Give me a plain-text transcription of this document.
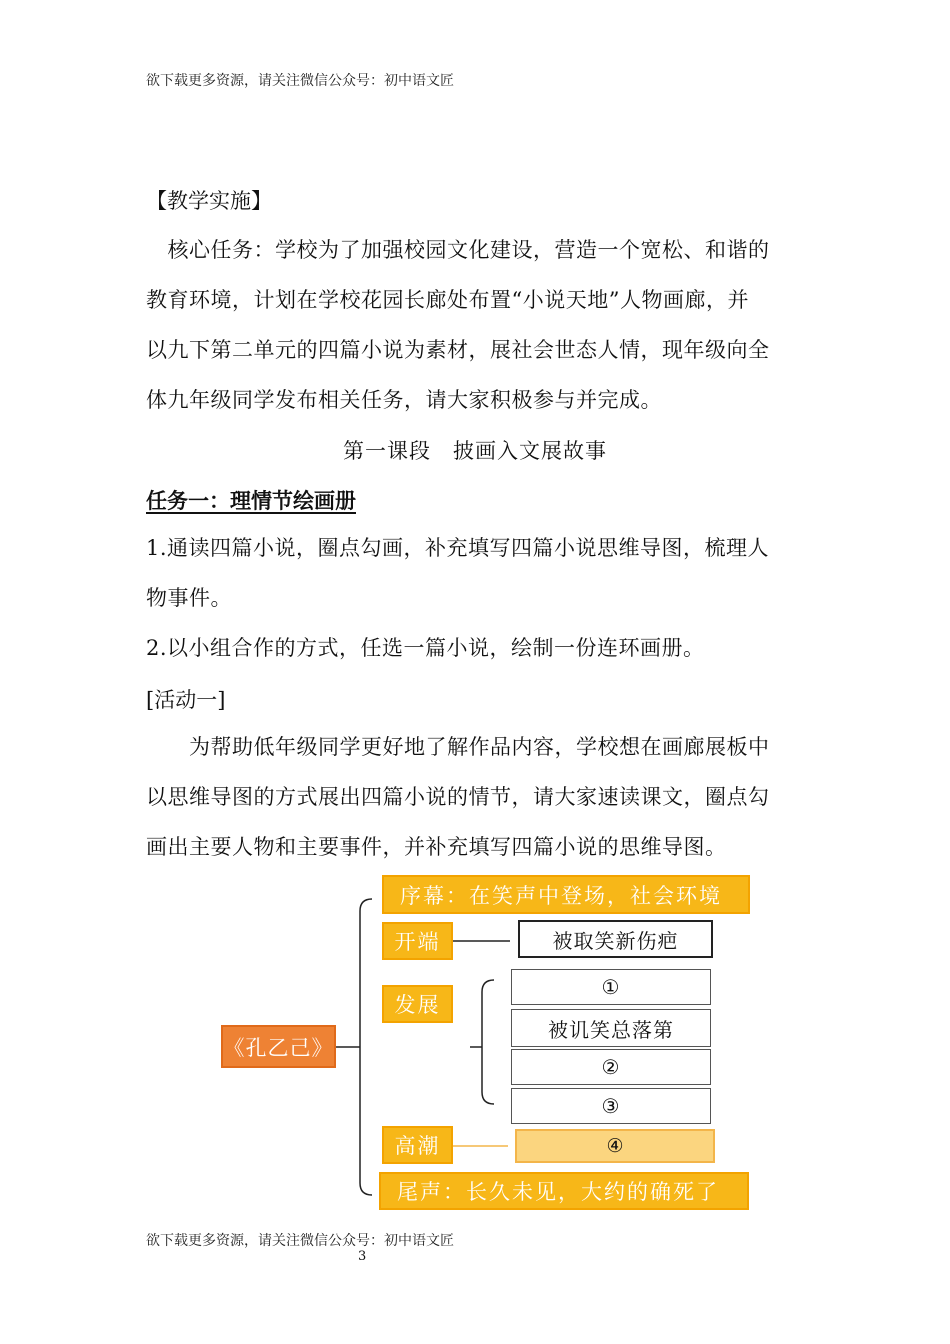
欲下载更多资源，请关注微信公众号：初中语文匠
【教学实施】
　核心任务：学校为了加强校园文化建设，营造一个宽松、和谐的
教育环境，计划在学校花园长廊处布置“小说天地”人物画廊，并
以九下第二单元的四篇小说为素材，展社会世态人情，现年级向全
体九年级同学发布相关任务，请大家积极参与并完成。
第一课段　披画入文展故事
任务一：理情节绘画册
1.通读四篇小说，圈点勾画，补充填写四篇小说思维导图，梳理人
物事件。
2.以小组合作的方式，任选一篇小说，绘制一份连环画册。
[活动一]
　　为帮助低年级同学更好地了解作品内容，学校想在画廊展板中
以思维导图的方式展出四篇小说的情节，请大家速读课文，圈点勾
画出主要人物和主要事件，并补充填写四篇小说的思维导图。
序幕：在笑声中登场，社会环境
开端	被取笑新伤疤
发展
①
被讥笑总落第
②
③
《孔乙己》
高潮	④
尾声：长久未见，大约的确死了
欲下载更多资源，请关注微信公众号：初中语文匠
3
